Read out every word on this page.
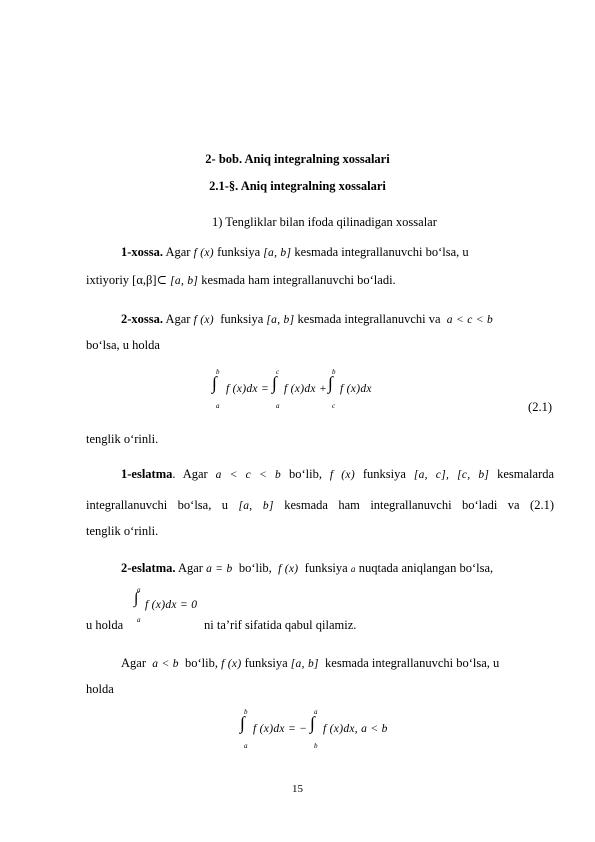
2- bob. Aniq integralning xossalari
2.1-§. Aniq integralning xossalari
1) Tengliklar bilan ifoda qilinadigan xossalar
1-xossa. Agar f (x) funksiya [a, b] kesmada integrallanuvchi bo‘lsa, u
ixtiyoriy [α,β]⊂ [a, b] kesmada ham integrallanuvchi bo‘ladi.
2-xossa. Agar f (x) funksiya [a, b] kesmada integrallanuvchi va a < c < b
bo‘lsa, u holda
b
∫
a
f (x)dx =
c
∫
a
f (x)dx +
b
∫
c
f (x)dx
(2.1)
tenglik o‘rinli.
1-eslatma. Agar a < c < b bo‘lib, f (x) funksiya [a, c], [c, b] kesmalarda
integrallanuvchi bo‘lsa, u [a, b] kesmada ham integrallanuvchi bo‘ladi va (2.1)
tenglik o‘rinli.
2-eslatma. Agar a = b bo‘lib, f (x) funksiya a nuqtada aniqlangan bo‘lsa,
u holda
a
∫
a
f (x)dx = 0
ni ta’rif sifatida qabul qilamiz.
Agar a < b bo‘lib, f (x) funksiya [a, b] kesmada integrallanuvchi bo‘lsa, u
holda
b
∫
a
f (x)dx = −
a
∫
b
f (x)dx, a < b
15
